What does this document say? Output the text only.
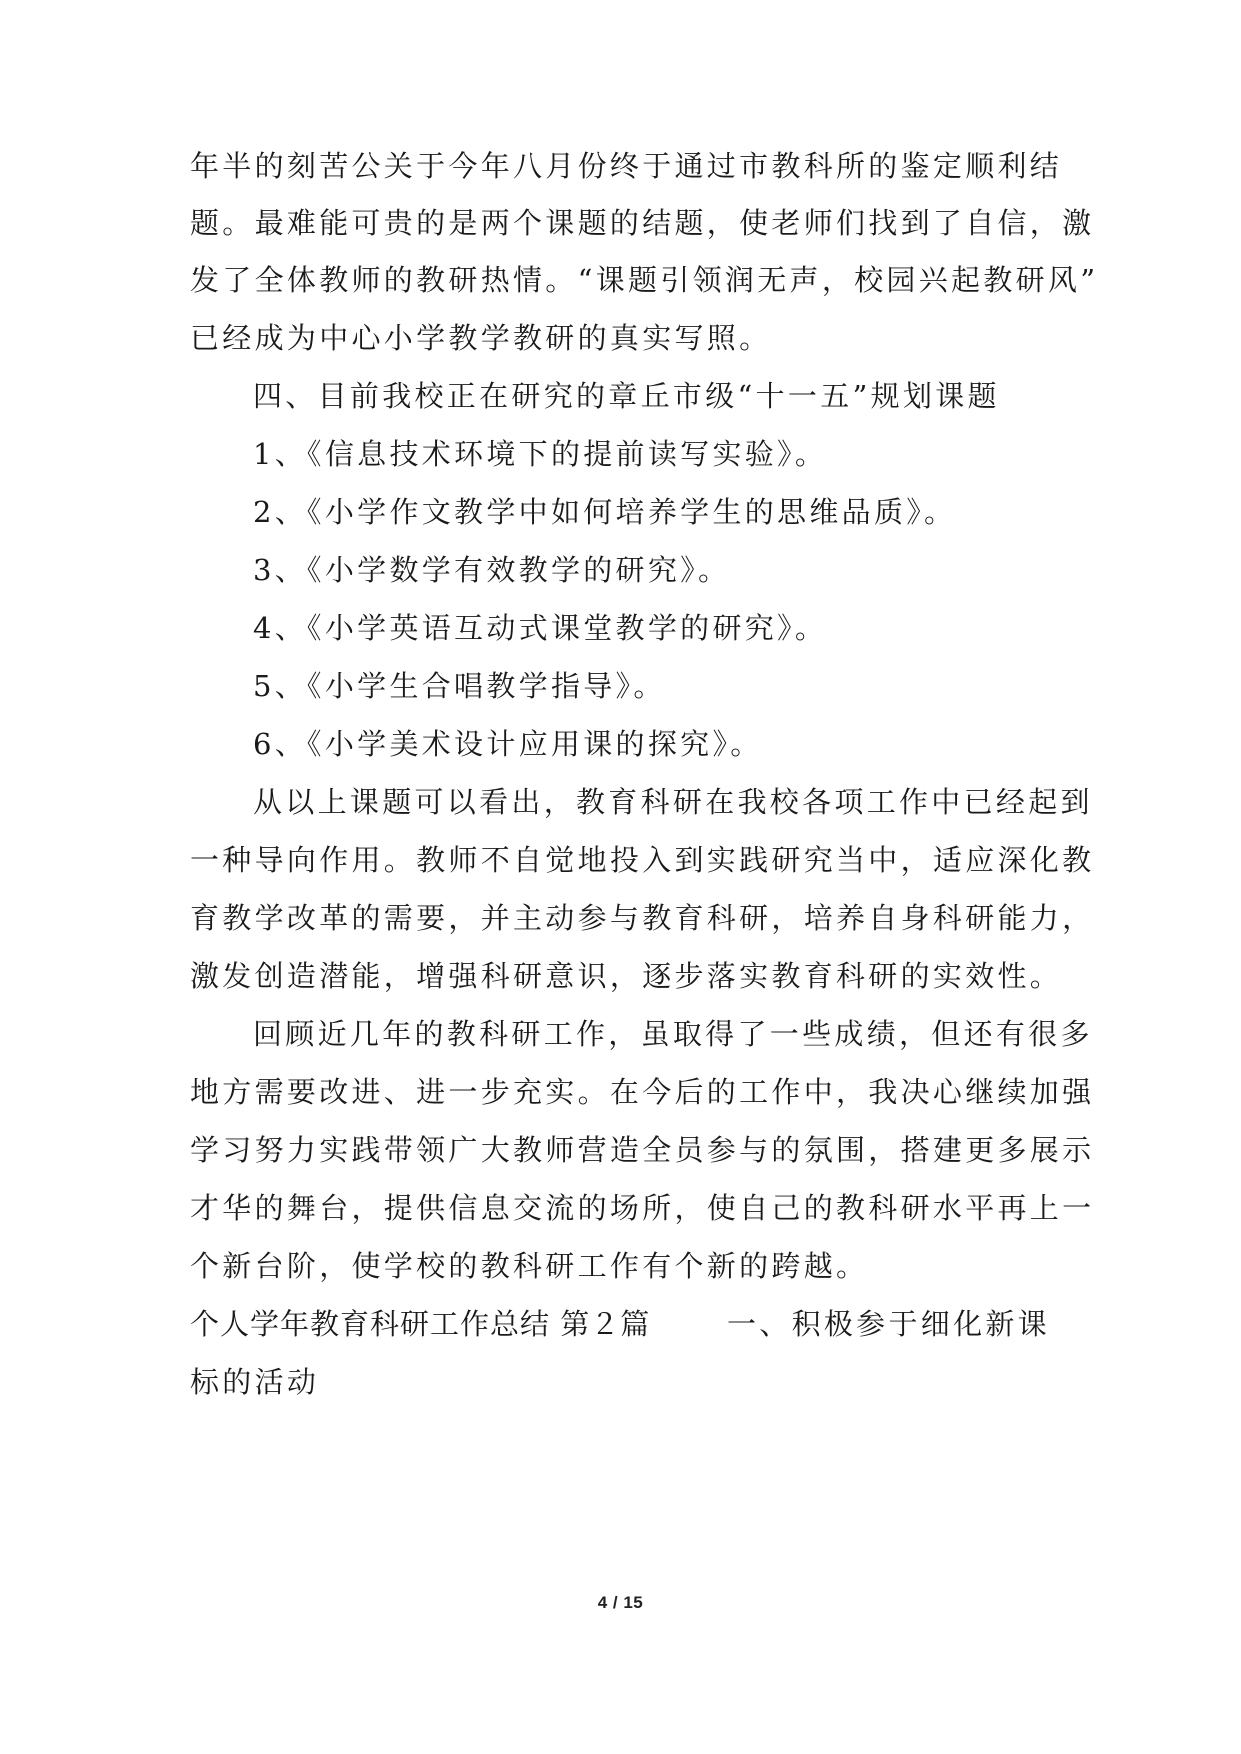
年半的刻苦公关于今年八月份终于通过市教科所的鉴定顺利结
题。最难能可贵的是两个课题的结题，使老师们找到了自信，激
发了全体教师的教研热情。“课题引领润无声，校园兴起教研风”
已经成为中心小学教学教研的真实写照。
四、目前我校正在研究的章丘市级“十一五”规划课题
1、《信息技术环境下的提前读写实验》。
2、《小学作文教学中如何培养学生的思维品质》。
3、《小学数学有效教学的研究》。
4、《小学英语互动式课堂教学的研究》。
5、《小学生合唱教学指导》。
6、《小学美术设计应用课的探究》。
从以上课题可以看出，教育科研在我校各项工作中已经起到
一种导向作用。教师不自觉地投入到实践研究当中，适应深化教
育教学改革的需要，并主动参与教育科研，培养自身科研能力，
激发创造潜能，增强科研意识，逐步落实教育科研的实效性。
回顾近几年的教科研工作，虽取得了一些成绩，但还有很多
地方需要改进、进一步充实。在今后的工作中，我决心继续加强
学习努力实践带领广大教师营造全员参与的氛围，搭建更多展示
才华的舞台，提供信息交流的场所，使自己的教科研水平再上一
个新台阶，使学校的教科研工作有个新的跨越。
个人学年教育科研工作总结 第２篇	一、积极参于细化新课
标的活动
4 / 15
